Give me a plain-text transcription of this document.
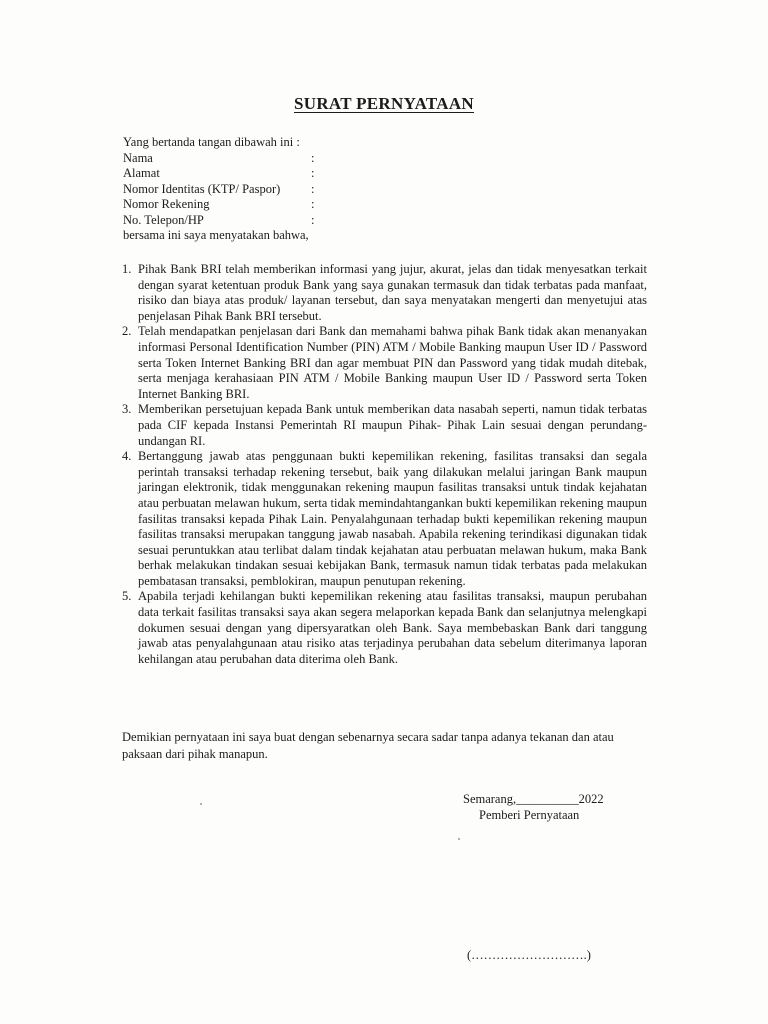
SURAT PERNYATAAN
Yang bertanda tangan dibawah ini :
Nama	:
Alamat	:
Nomor Identitas (KTP/ Paspor) :
Nomor Rekening	:
No. Telepon/HP	:
bersama ini saya menyatakan bahwa,
1. Pihak Bank BRI telah memberikan informasi yang jujur, akurat, jelas dan tidak menyesatkan terkait dengan syarat ketentuan produk Bank yang saya gunakan termasuk dan tidak terbatas pada manfaat, risiko dan biaya atas produk/ layanan tersebut, dan saya menyatakan mengerti dan menyetujui atas penjelasan Pihak Bank BRI tersebut.
2. Telah mendapatkan penjelasan dari Bank dan memahami bahwa pihak Bank tidak akan menanyakan informasi Personal Identification Number (PIN) ATM / Mobile Banking maupun User ID / Password serta Token Internet Banking BRI dan agar membuat PIN dan Password yang tidak mudah ditebak, serta menjaga kerahasiaan PIN ATM / Mobile Banking maupun User ID / Password serta Token Internet Banking BRI.
3. Memberikan persetujuan kepada Bank untuk memberikan data nasabah seperti, namun tidak terbatas pada CIF kepada Instansi Pemerintah RI maupun Pihak- Pihak Lain sesuai dengan perundang- undangan RI.
4. Bertanggung jawab atas penggunaan bukti kepemilikan rekening, fasilitas transaksi dan segala perintah transaksi terhadap rekening tersebut, baik yang dilakukan melalui jaringan Bank maupun jaringan elektronik, tidak menggunakan rekening maupun fasilitas transaksi untuk tindak kejahatan atau perbuatan melawan hukum, serta tidak memindahtangankan bukti kepemilikan rekening maupun fasilitas transaksi kepada Pihak Lain. Penyalahgunaan terhadap bukti kepemilikan rekening maupun fasilitas transaksi merupakan tanggung jawab nasabah. Apabila rekening terindikasi digunakan tidak sesuai peruntukkan atau terlibat dalam tindak kejahatan atau perbuatan melawan hukum, maka Bank berhak melakukan tindakan sesuai kebijakan Bank, termasuk namun tidak terbatas pada melakukan pembatasan transaksi, pemblokiran, maupun penutupan rekening.
5. Apabila terjadi kehilangan bukti kepemilikan rekening atau fasilitas transaksi, maupun perubahan data terkait fasilitas transaksi saya akan segera melaporkan kepada Bank dan selanjutnya melengkapi dokumen sesuai dengan yang dipersyaratkan oleh Bank. Saya membebaskan Bank dari tanggung jawab atas penyalahgunaan atau risiko atas terjadinya perubahan data sebelum diterimanya laporan kehilangan atau perubahan data diterima oleh Bank.
Demikian pernyataan ini saya buat dengan sebenarnya secara sadar tanpa adanya tekanan dan atau paksaan dari pihak manapun.
Semarang,__________2022
Pemberi Pernyataan
(……………………….)
